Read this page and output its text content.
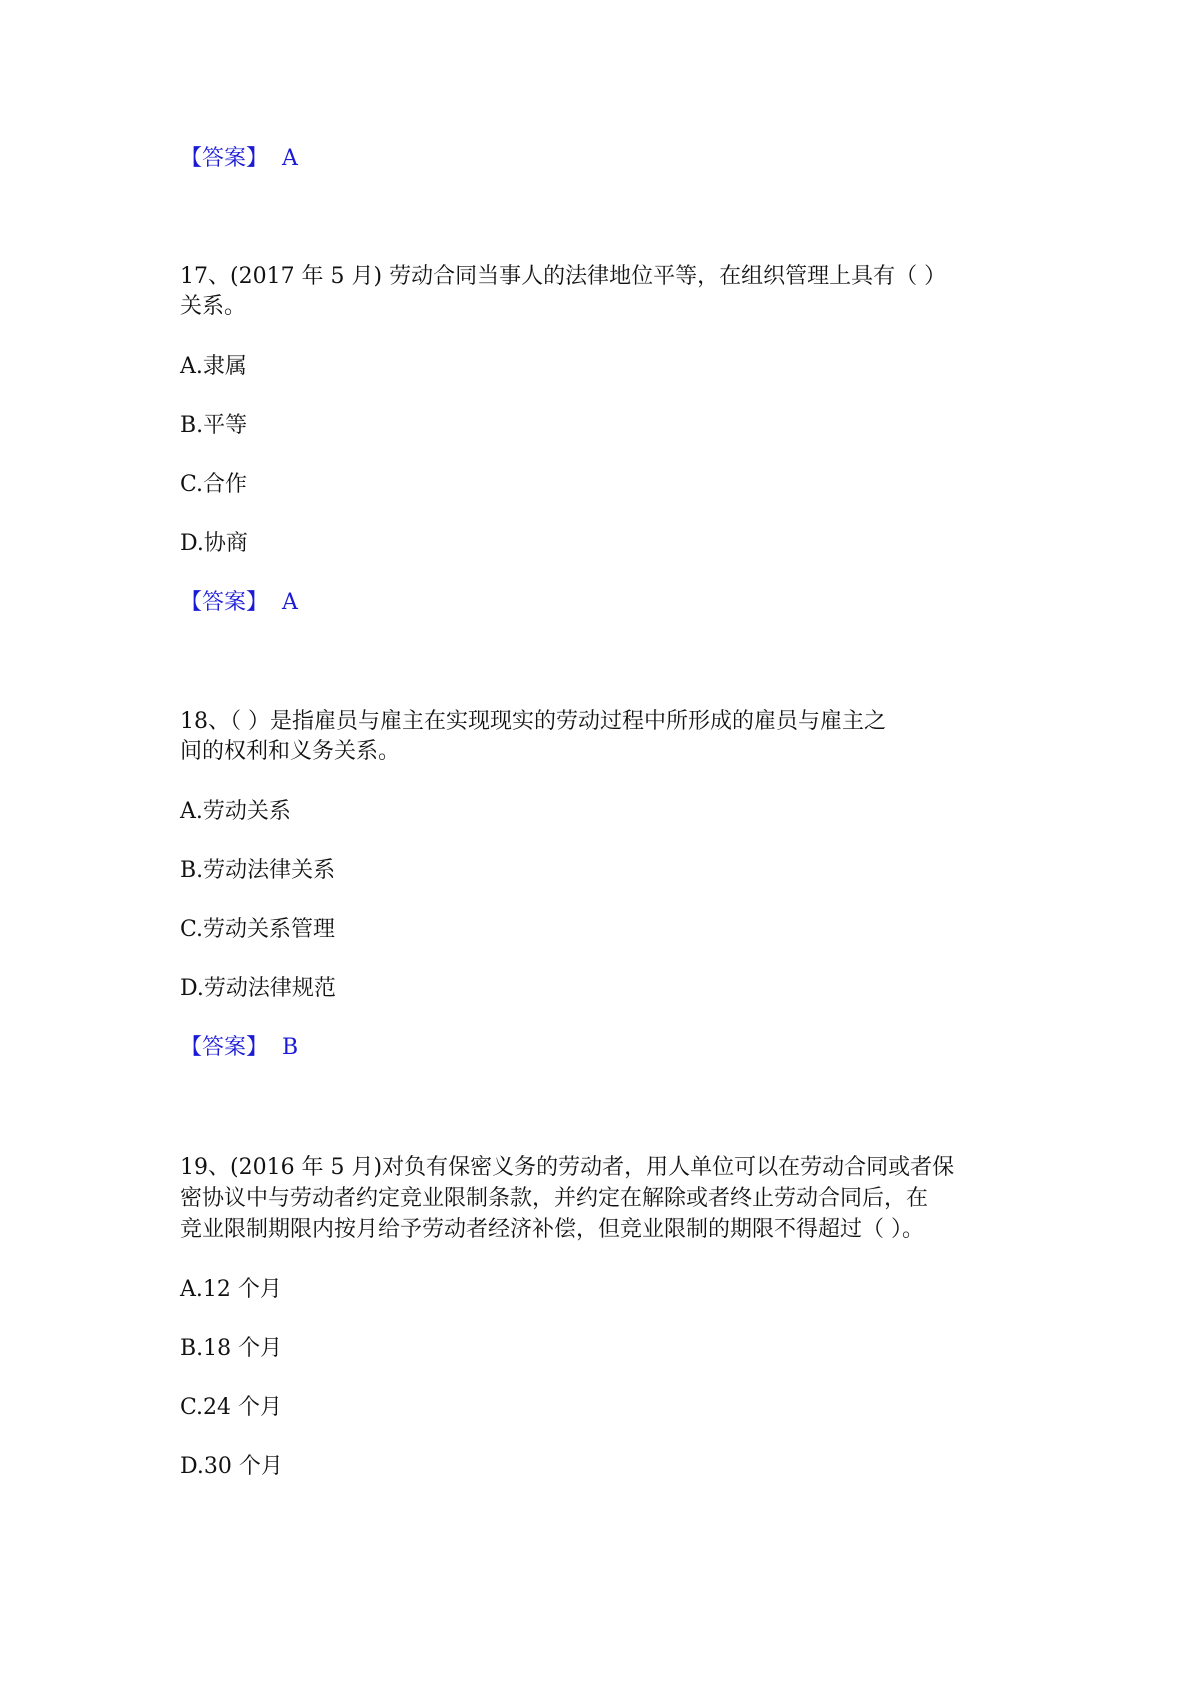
【答案】 A
17、(2017 年 5 月) 劳动合同当事人的法律地位平等，在组织管理上具有（ ）
关系。
A.隶属
B.平等
C.合作
D.协商
【答案】 A
18、（ ）是指雇员与雇主在实现现实的劳动过程中所形成的雇员与雇主之
间的权利和义务关系。
A.劳动关系
B.劳动法律关系
C.劳动关系管理
D.劳动法律规范
【答案】 B
19、(2016 年 5 月)对负有保密义务的劳动者，用人单位可以在劳动合同或者保
密协议中与劳动者约定竞业限制条款，并约定在解除或者终止劳动合同后，在
竞业限制期限内按月给予劳动者经济补偿，但竞业限制的期限不得超过（ ）。
A.12 个月
B.18 个月
C.24 个月
D.30 个月
